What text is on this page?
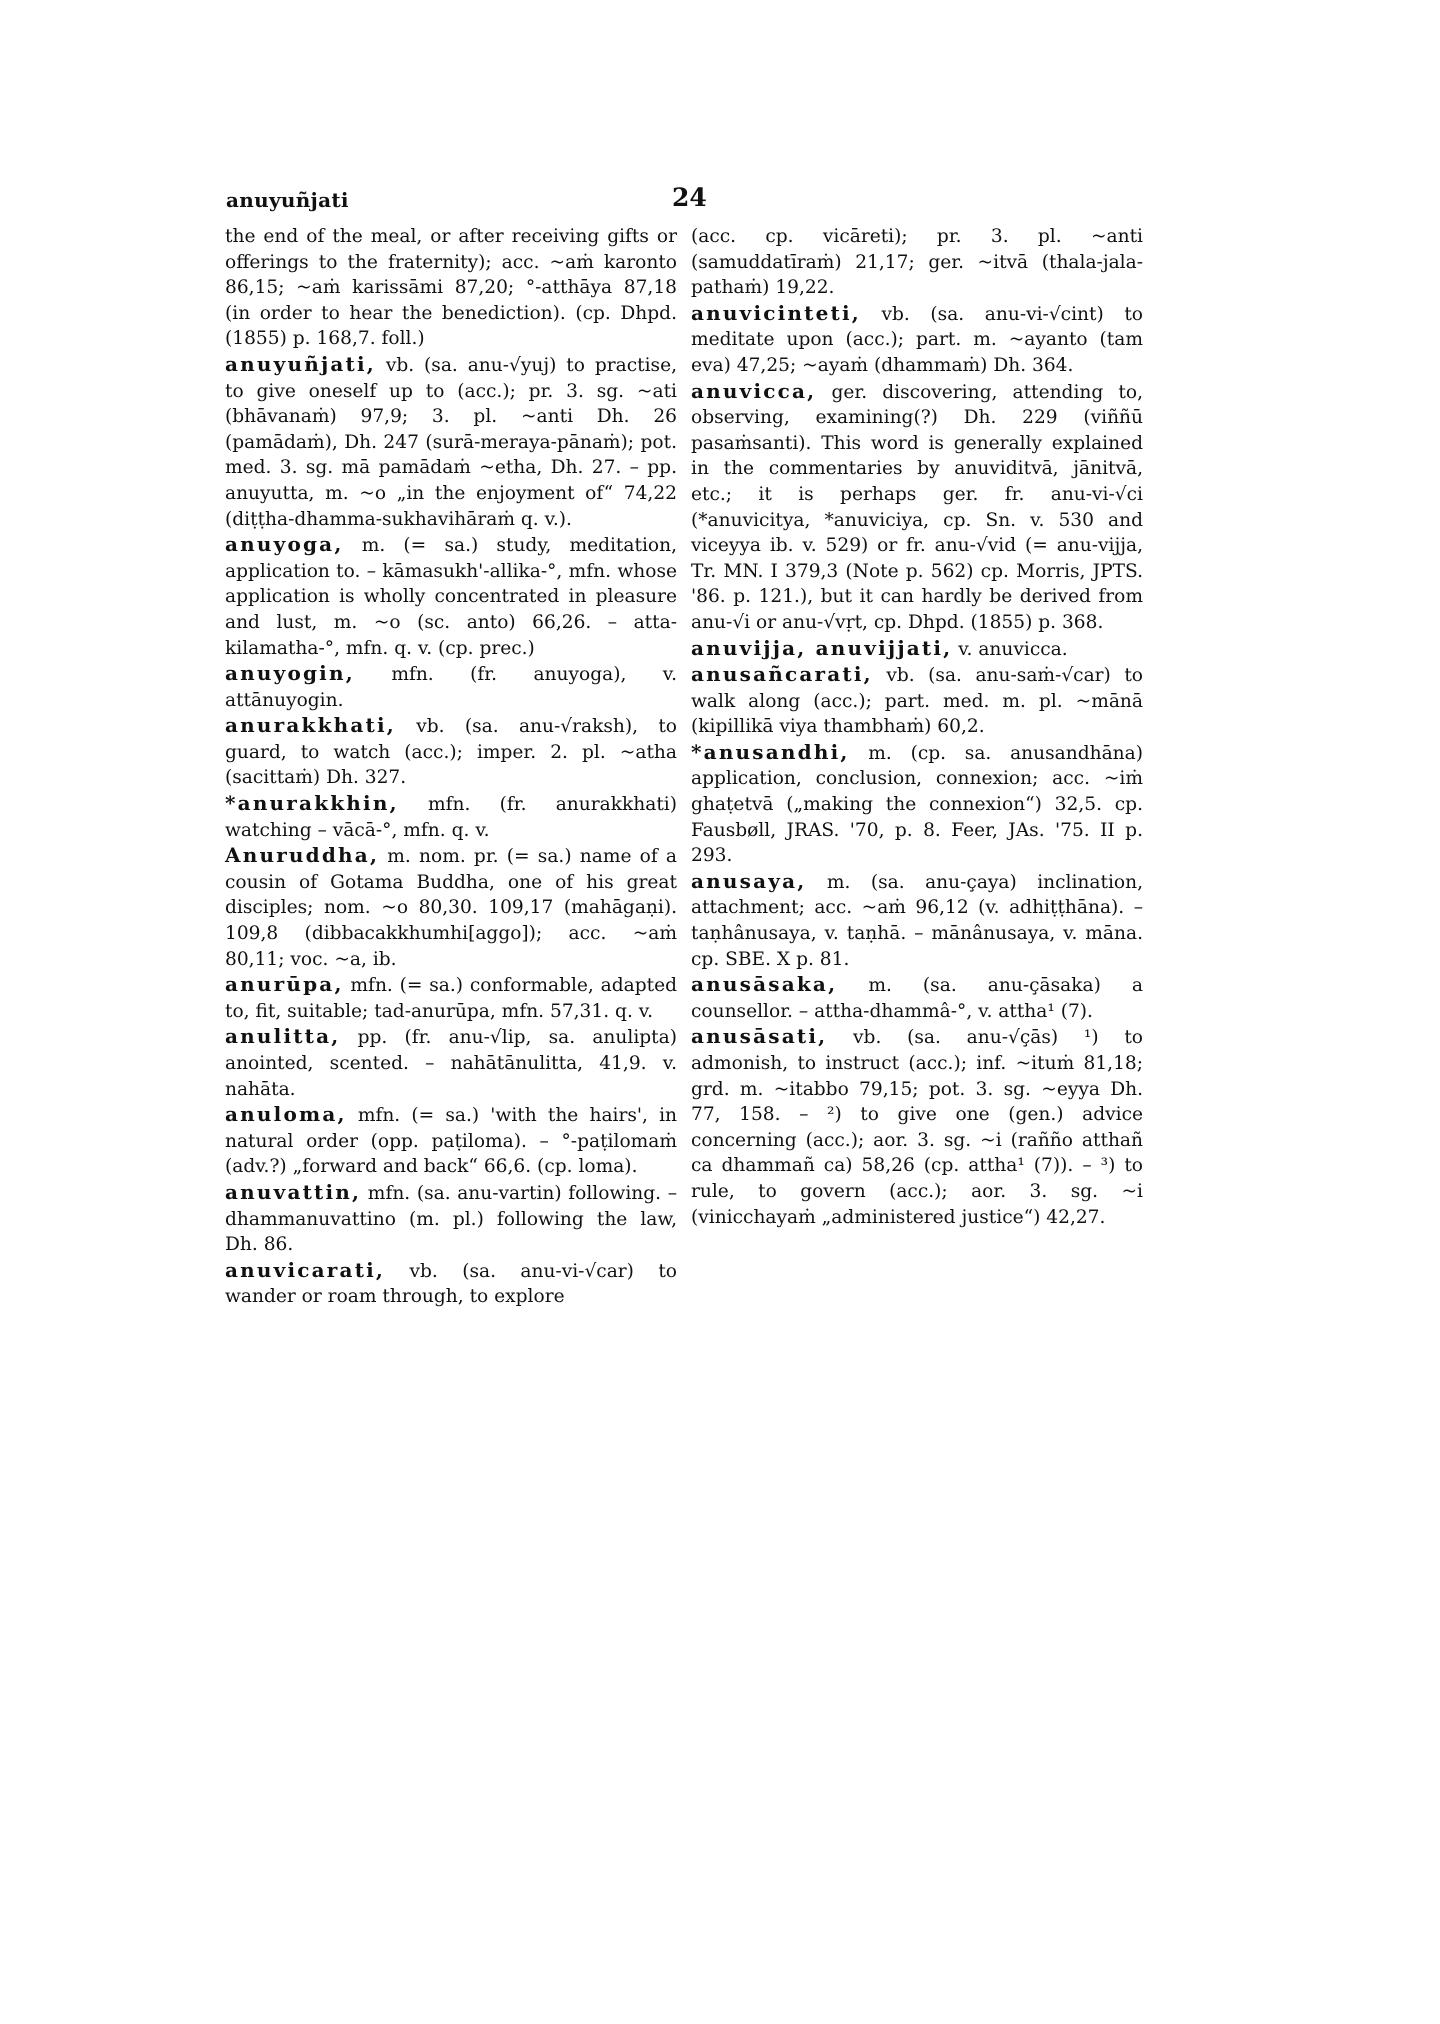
anuyuñjati	24

the end of the meal, or after receiving gifts or offerings to the fraternity); acc. ~aṁ karonto 86,15; ~aṁ karissāmi 87,20; °-atthāya 87,18 (in order to hear the benediction). (cp. Dhpd. (1855) p. 168,7. foll.)

anuyuñjati, vb. (sa. anu-√yuj) to practise, to give oneself up to (acc.); pr. 3. sg. ~ati (bhāvanaṁ) 97,9; 3. pl. ~anti Dh. 26 (pamādaṁ), Dh. 247 (surā-meraya-pānaṁ); pot. med. 3. sg. mā pamādaṁ ~etha, Dh. 27. – pp. anuyutta, m. ~o „in the enjoyment of“ 74,22 (diṭṭha-dhamma-sukhavihāraṁ q. v.).

anuyoga, m. (= sa.) study, meditation, application to. – kāmasukh'-allika-°, mfn. whose application is wholly concentrated in pleasure and lust, m. ~o (sc. anto) 66,26. – atta-kilamatha-°, mfn. q. v. (cp. prec.)

anuyogin, mfn. (fr. anuyoga), v. attānuyogin.

anurakkhati, vb. (sa. anu-√raksh), to guard, to watch (acc.); imper. 2. pl. ~atha (sacittaṁ) Dh. 327.

*anurakkhin, mfn. (fr. anurakkhati) watching – vācā-°, mfn. q. v.

Anuruddha, m. nom. pr. (= sa.) name of a cousin of Gotama Buddha, one of his great disciples; nom. ~o 80,30. 109,17 (mahāgaṇi). 109,8 (dibbacakkhumhi[aggo]); acc. ~aṁ 80,11; voc. ~a, ib.

anurūpa, mfn. (= sa.) conformable, adapted to, fit, suitable; tad-anurūpa, mfn. 57,31. q. v.

anulitta, pp. (fr. anu-√lip, sa. anulipta) anointed, scented. – nahātānulitta, 41,9. v. nahāta.

anuloma, mfn. (= sa.) 'with the hairs', in natural order (opp. paṭiloma). – °-paṭilomaṁ (adv.?) „forward and back“ 66,6. (cp. loma).

anuvattin, mfn. (sa. anu-vartin) following. – dhammanuvattino (m. pl.) following the law, Dh. 86.

anuvicarati, vb. (sa. anu-vi-√car) to wander or roam through, to explore

(acc. cp. vicāreti); pr. 3. pl. ~anti (samuddatīraṁ) 21,17; ger. ~itvā (thala-jala-pathaṁ) 19,22.

anuvicinteti, vb. (sa. anu-vi-√cint) to meditate upon (acc.); part. m. ~ayanto (tam eva) 47,25; ~ayaṁ (dhammaṁ) Dh. 364.

anuvicca, ger. discovering, attending to, observing, examining(?) Dh. 229 (viññū pasaṁsanti). This word is generally explained in the commentaries by anuviditvā, jānitvā, etc.; it is perhaps ger. fr. anu-vi-√ci (*anuvicitya, *anuviciya, cp. Sn. v. 530 and viceyya ib. v. 529) or fr. anu-√vid (= anu-vijja, Tr. MN. I 379,3 (Note p. 562) cp. Morris, JPTS. '86. p. 121.), but it can hardly be derived from anu-√i or anu-√vṛt, cp. Dhpd. (1855) p. 368.

anuvijja, anuvijjati, v. anuvicca.

anusañcarati, vb. (sa. anu-saṁ-√car) to walk along (acc.); part. med. m. pl. ~mānā (kipillikā viya thambhaṁ) 60,2.

*anusandhi, m. (cp. sa. anusandhāna) application, conclusion, connexion; acc. ~iṁ ghaṭetvā („making the connexion“) 32,5. cp. Fausbøll, JRAS. '70, p. 8. Feer, JAs. '75. II p. 293.

anusaya, m. (sa. anu-çaya) inclination, attachment; acc. ~aṁ 96,12 (v. adhiṭṭhāna). – taṇhânusaya, v. taṇhā. – mānânusaya, v. māna. cp. SBE. X p. 81.

anusāsaka, m. (sa. anu-çāsaka) a counsellor. – attha-dhammâ-°, v. attha¹ (7).

anusāsati, vb. (sa. anu-√çās) ¹) to admonish, to instruct (acc.); inf. ~ituṁ 81,18; grd. m. ~itabbo 79,15; pot. 3. sg. ~eyya Dh. 77, 158. – ²) to give one (gen.) advice concerning (acc.); aor. 3. sg. ~i (rañño atthañ ca dhammañ ca) 58,26 (cp. attha¹ (7)). – ³) to rule, to govern (acc.); aor. 3. sg. ~i (vinicchayaṁ „administered justice“) 42,27.
